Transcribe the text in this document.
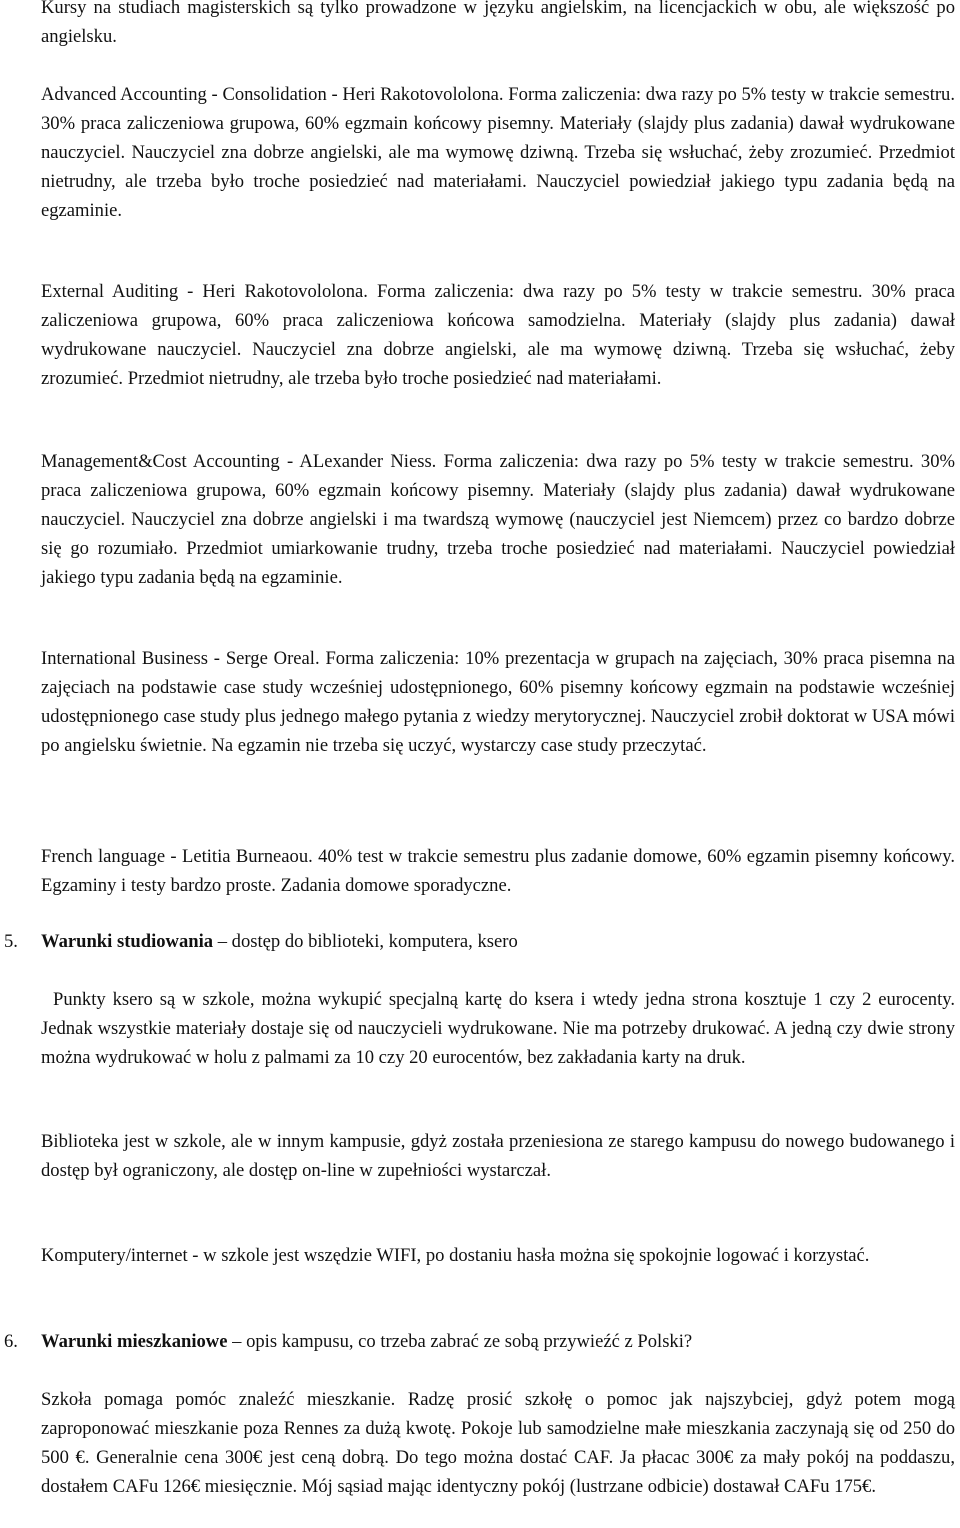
Kursy na studiach magisterskich są tylko prowadzone w języku angielskim, na licencjackich w obu, ale większość po angielsku.

Advanced Accounting - Consolidation - Heri Rakotovololona. Forma zaliczenia: dwa razy po 5% testy w trakcie semestru. 30% praca zaliczeniowa grupowa, 60% egzmain końcowy pisemny. Materiały (slajdy plus zadania) dawał wydrukowane nauczyciel. Nauczyciel zna dobrze angielski, ale ma wymowę dziwną. Trzeba się wsłuchać, żeby zrozumieć. Przedmiot nietrudny, ale trzeba było troche posiedzieć nad materiałami. Nauczyciel powiedział jakiego typu zadania będą na egzaminie.

External Auditing - Heri Rakotovololona. Forma zaliczenia: dwa razy po 5% testy w trakcie semestru. 30% praca zaliczeniowa grupowa, 60% praca zaliczeniowa końcowa samodzielna. Materiały (slajdy plus zadania) dawał wydrukowane nauczyciel. Nauczyciel zna dobrze angielski, ale ma wymowę dziwną. Trzeba się wsłuchać, żeby zrozumieć. Przedmiot nietrudny, ale trzeba było troche posiedzieć nad materiałami.

Management&Cost Accounting - ALexander Niess. Forma zaliczenia: dwa razy po 5% testy w trakcie semestru. 30% praca zaliczeniowa grupowa, 60% egzmain końcowy pisemny. Materiały (slajdy plus zadania) dawał wydrukowane nauczyciel. Nauczyciel zna dobrze angielski i ma twardszą wymowę (nauczyciel jest Niemcem) przez co bardzo dobrze się go rozumiało. Przedmiot umiarkowanie trudny, trzeba troche posiedzieć nad materiałami. Nauczyciel powiedział jakiego typu zadania będą na egzaminie.

International Business - Serge Oreal. Forma zaliczenia: 10% prezentacja w grupach na zajęciach, 30% praca pisemna na zajęciach na podstawie case study wcześniej udostępnionego, 60% pisemny końcowy egzmain na podstawie wcześniej udostępnionego case study plus jednego małego pytania z wiedzy merytorycznej. Nauczyciel zrobił doktorat w USA mówi po angielsku świetnie. Na egzamin nie trzeba się uczyć, wystarczy case study przeczytać.

French language - Letitia Burneaou. 40% test w trakcie semestru plus zadanie domowe, 60% egzamin pisemny końcowy. Egzaminy i testy bardzo proste. Zadania domowe sporadyczne.

5. Warunki studiowania – dostęp do biblioteki, komputera, ksero

Punkty ksero są w szkole, można wykupić specjalną kartę do ksera i wtedy jedna strona kosztuje 1 czy 2 eurocenty. Jednak wszystkie materiały dostaje się od nauczycieli wydrukowane. Nie ma potrzeby drukować. A jedną czy dwie strony można wydrukować w holu z palmami za 10 czy 20 eurocentów, bez zakładania karty na druk.

Biblioteka jest w szkole, ale w innym kampusie, gdyż została przeniesiona ze starego kampusu do nowego budowanego i dostęp był ograniczony, ale dostęp on-line w zupełniości wystarczał.

Komputery/internet - w szkole jest wszędzie WIFI, po dostaniu hasła można się spokojnie logować i korzystać.

6. Warunki mieszkaniowe – opis kampusu, co trzeba zabrać ze sobą przywieźć z Polski?

Szkoła pomaga pomóc znaleźć mieszkanie. Radzę prosić szkołę o pomoc jak najszybciej, gdyż potem mogą zaproponować mieszkanie poza Rennes za dużą kwotę. Pokoje lub samodzielne małe mieszkania zaczynają się od 250 do 500 €. Generalnie cena 300€ jest ceną dobrą. Do tego można dostać CAF. Ja płacac 300€ za mały pokój na poddaszu, dostałem CAFu 126€ miesięcznie. Mój sąsiad mając identyczny pokój (lustrzane odbicie) dostawał CAFu 175€.
